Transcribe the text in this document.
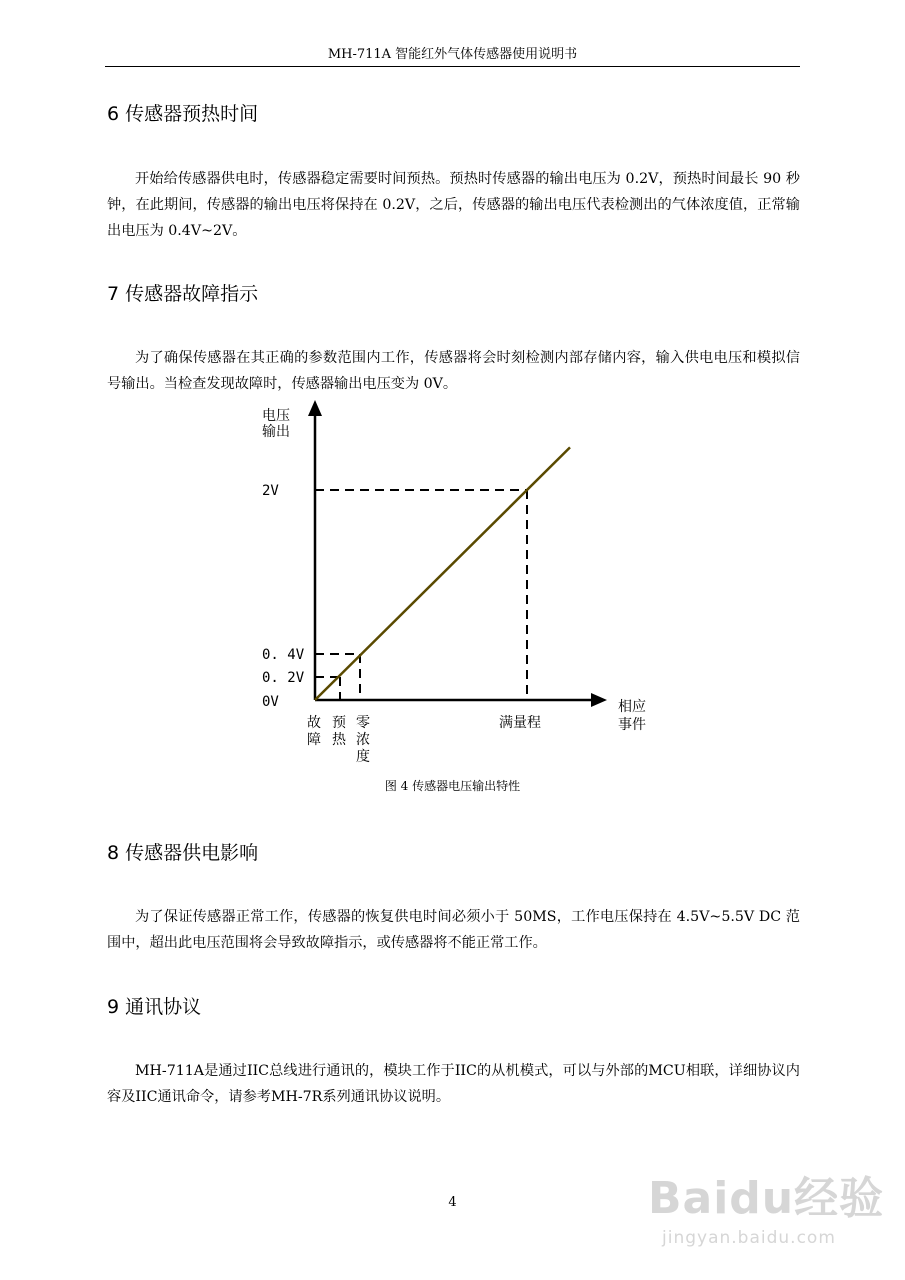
MH-711A 智能红外气体传感器使用说明书
6 传感器预热时间
开始给传感器供电时，传感器稳定需要时间预热。预热时传感器的输出电压为 0.2V，预热时间最长 90 秒钟，在此期间，传感器的输出电压将保持在 0.2V，之后，传感器的输出电压代表检测出的气体浓度值，正常输出电压为 0.4V~2V。
7 传感器故障指示
为了确保传感器在其正确的参数范围内工作，传感器将会时刻检测内部存储内容，输入供电电压和模拟信号输出。当检查发现故障时，传感器输出电压变为 0V。
电压
输出
0V
0. 2V
0. 4V
2V
相应
事件
故
障
预
热
零
浓
度
满量程
图 4 传感器电压输出特性
8 传感器供电影响
为了保证传感器正常工作，传感器的恢复供电时间必须小于 50MS，工作电压保持在 4.5V~5.5V DC 范围中，超出此电压范围将会导致故障指示，或传感器将不能正常工作。
9 通讯协议
MH-711A是通过IIC总线进行通讯的，模块工作于IIC的从机模式，可以与外部的MCU相联，详细协议内容及IIC通讯命令，请参考MH-7R系列通讯协议说明。
4	Baidu经验
jingyan.baidu.com
